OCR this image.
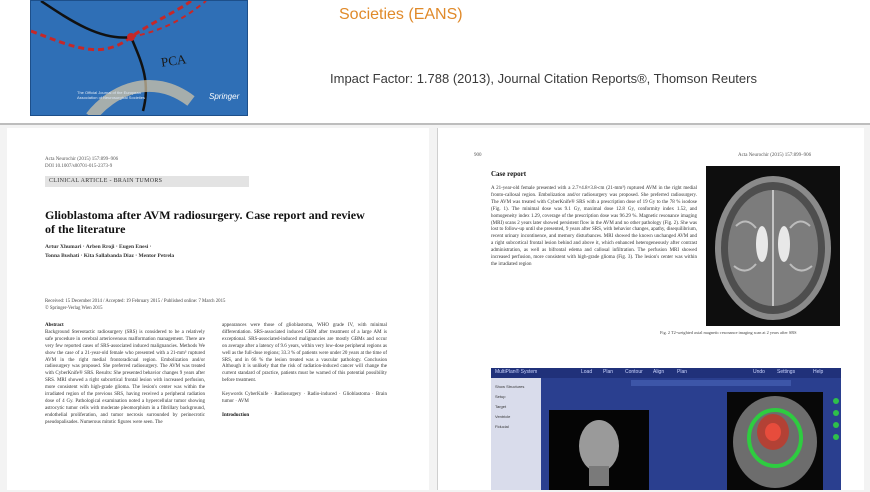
PCA
The Official Journal of the European Association of Neurosurgical Societies	Springer
Societies (EANS)
Impact Factor: 1.788 (2013), Journal Citation Reports®, Thomson Reuters
Acta Neurochir (2015) 157:899–906
DOI 10.1007/s00701-015-2373-9
CLINICAL ARTICLE - BRAIN TUMORS
Glioblastoma after AVM radiosurgery. Case report and review of the literature
Artur Xhumari · Arben Rroji · Eugen Enesi ·
Tonna Bushati · Kita Sallabanda Diaz · Mentor Petrela
Received: 15 December 2014 / Accepted: 19 February 2015 / Published online: 7 March 2015
© Springer-Verlag Wien 2015
Abstract
Background Stereotactic radiosurgery (SRS) is considered to be a relatively safe procedure in cerebral arteriovenous malformation management. There are very few reported cases of SRS-associated induced malignancies. Methods We show the case of a 21-year-old female who presented with a 21-mm³ ruptured AVM in the right medial frontoradicual region. Embolization and/or radiosurgery was proposed. She preferred radiosurgery. The AVM was treated with CyberKnife® SRS. Results: She presented behavior changes 9 years after SRS. MRI showed a right subcortical frontal lesion with increased perfusion, more consistent with high-grade glioma. The lesion's center was within the irradiated region of the previous SRS, having received a peripheral radiation dose of 4 Gy. Pathological examination noted a hypercellular tumor showing astrocytic tumor cells with moderate pleomorphism in a fibrillary background, endothelial proliferation, and tumor necrosis surrounded by perinecrotic pseudopalisades. Numerous mitotic figures were seen. The
appearances were those of glioblastoma, WHO grade IV, with minimal differentiation. SRS-associated induced GBM after treatment of a large AM is exceptional. SRS-associated-induced malignancies are mostly GBMs and occur on average after a latency of 9.6 years, within very low-dose peripheral regions as well as the full-dose regions; 33.3 % of patients were under 20 years at the time of SRS, and in 66 % the lesion treated was a vascular pathology. Conclusion Although it is unlikely that the risk of radiation-induced cancer will change the current standard of practice, patients must be warned of this potential possibility before treatment.

Keywords CyberKnife · Radiosurgery · Radio-induced · Glioblastoma · Brain tumor · AVM

Introduction
900	Acta Neurochir (2015) 157:899–906
Case report
A 21-year-old female presented with a 2.7×4.8×3.8-cm (21-mm³) ruptured AVM in the right medial fronto-callosal region. Embolization and/or radiosurgery was proposed. She preferred radiosurgery. The AVM was treated with CyberKnife® SRS with a prescription dose of 19 Gy to the 78 % isodose (Fig. 1). The minimal dose was 9.1 Gy, maximal dose 12.8 Gy, conformity index 1.52, and homogeneity index 1.29, coverage of the prescription dose was 96.29 %. Magnetic resonance imaging (MRI) scans 2 years later showed persistent flow in the AVM and no other pathology (Fig. 2). She was lost to follow-up until she presented, 9 years after SRS, with behavior changes, apathy, disequilibrium, recent urinary incontinence, and memory disturbances. MRI showed the known unchanged AVM and a right subcortical frontal lesion behind and above it, which enhanced heterogeneously after contrast administration, as well as bifrontal edema and callosal infiltration. The perfusion MRI showed increased perfusion, more consistent with high-grade glioma (Fig. 3). The lesion's center was within the irradiated region
Fig. 2 T2-weighted axial magnetic resonance imaging scan at 2 years after SRS
MultiPlan® System	Load Plan Contour Align	Plan	Undo Settings	Help
Show Structures
Setup
Target
Ventricle
Fiducial
